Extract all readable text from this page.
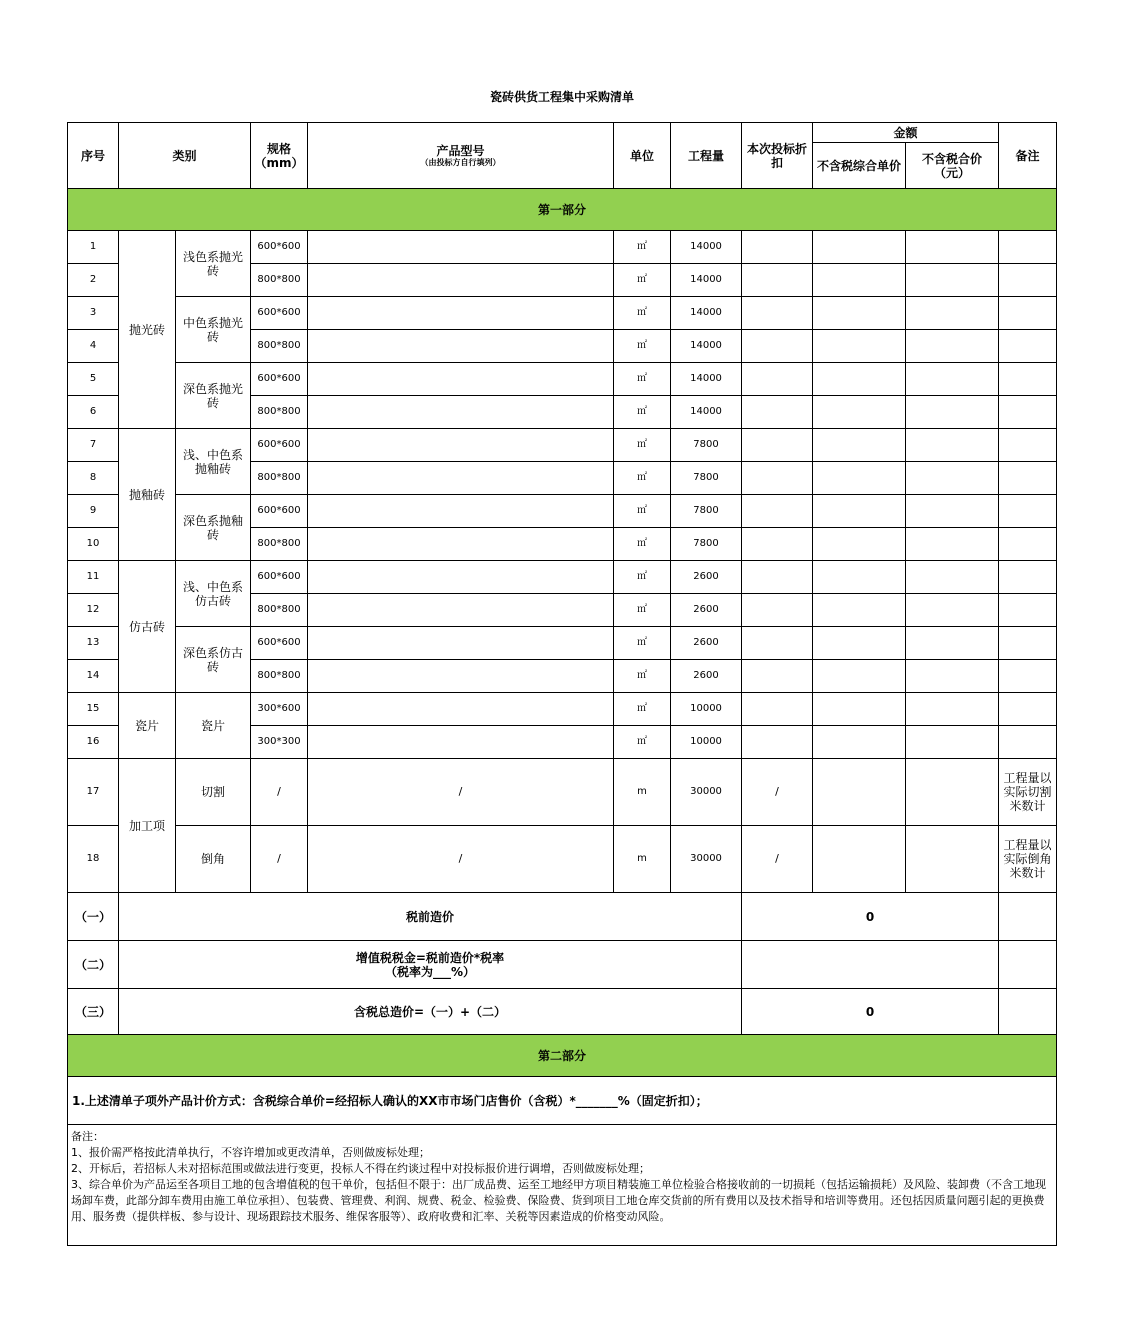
瓷砖供货工程集中采购清单
序号	类别		规格（mm）	产品型号
（由投标方自行填列）	单位	工程量	本次投标折扣	金额		备注
								不含税综合单价	不含税合价（元）	
第一部分										
1	抛光砖	浅色系抛光砖	600*600		㎡	14000				
2			800*800		㎡	14000				
3		中色系抛光砖	600*600		㎡	14000				
4			800*800		㎡	14000				
5		深色系抛光砖	600*600		㎡	14000				
6			800*800		㎡	14000				
7	抛釉砖	浅、中色系抛釉砖	600*600		㎡	7800				
8			800*800		㎡	7800				
9		深色系抛釉砖	600*600		㎡	7800				
10			800*800		㎡	7800				
11	仿古砖	浅、中色系仿古砖	600*600		㎡	2600				
12			800*800		㎡	2600				
13		深色系仿古砖	600*600		㎡	2600				
14			800*800		㎡	2600				
15	瓷片	瓷片	300*600		㎡	10000				
16			300*300		㎡	10000				
17	加工项	切割	/	/	m	30000	/			工程量以实际切割米数计
18		倒角	/	/	m	30000	/			工程量以实际倒角米数计
（一）	税前造价						0			
（二）	增值税税金=税前造价*税率
（税率为___%）									

（三）	含税总造价=（一）+（二）						0			
第二部分										
1.上述清单子项外产品计价方式：含税综合单价=经招标人确认的XX市市场门店售价（含税）*_______%（固定折扣）；										

备注：
1、报价需严格按此清单执行，不容许增加或更改清单，否则做废标处理；
2、开标后，若招标人未对招标范围或做法进行变更，投标人不得在约谈过程中对投标报价进行调增，否则做废标处理；
3、综合单价为产品运至各项目工地的包含增值税的包干单价，包括但不限于：出厂成品费、运至工地经甲方项目精装施工单位检验合格接收前的一切损耗（包括运输损耗）及风险、装卸费（不含工地现场卸车费，此部分卸车费用由施工单位承担）、包装费、管理费、利润、规费、税金、检验费、保险费、货到项目工地仓库交货前的所有费用以及技术指导和培训等费用。还包括因质量问题引起的更换费用、服务费（提供样板、参与设计、现场跟踪技术服务、维保客服等）、政府收费和汇率、关税等因素造成的价格变动风险。										
